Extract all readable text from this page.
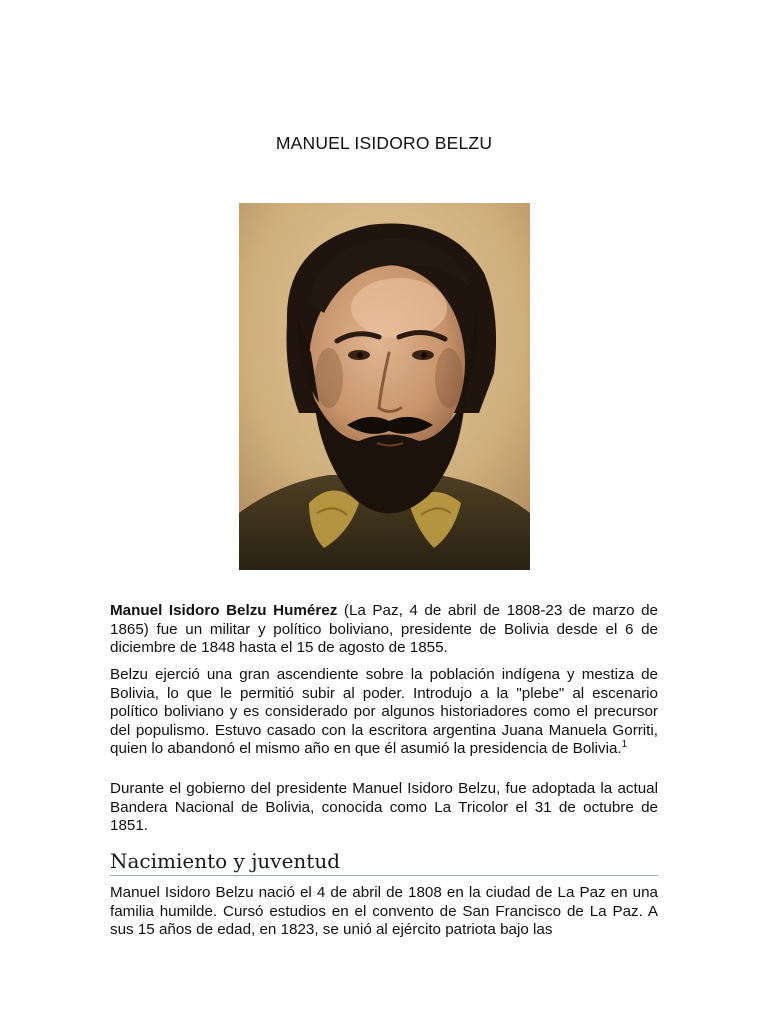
MANUEL ISIDORO BELZU

Manuel Isidoro Belzu Humérez (La Paz, 4 de abril de 1808-23 de marzo de 1865) fue un militar y político boliviano, presidente de Bolivia desde el 6 de diciembre de 1848 hasta el 15 de agosto de 1855.

Belzu ejerció una gran ascendiente sobre la población indígena y mestiza de Bolivia, lo que le permitió subir al poder. Introdujo a la "plebe" al escenario político boliviano y es considerado por algunos historiadores como el precursor del populismo. Estuvo casado con la escritora argentina Juana Manuela Gorriti, quien lo abandonó el mismo año en que él asumió la presidencia de Bolivia.$^1$

Durante el gobierno del presidente Manuel Isidoro Belzu, fue adoptada la actual Bandera Nacional de Bolivia, conocida como La Tricolor el 31 de octubre de 1851.

Nacimiento y juventud

Manuel Isidoro Belzu nació el 4 de abril de 1808 en la ciudad de La Paz en una familia humilde. Cursó estudios en el convento de San Francisco de La Paz. A sus 15 años de edad, en 1823, se unió al ejército patriota bajo las
